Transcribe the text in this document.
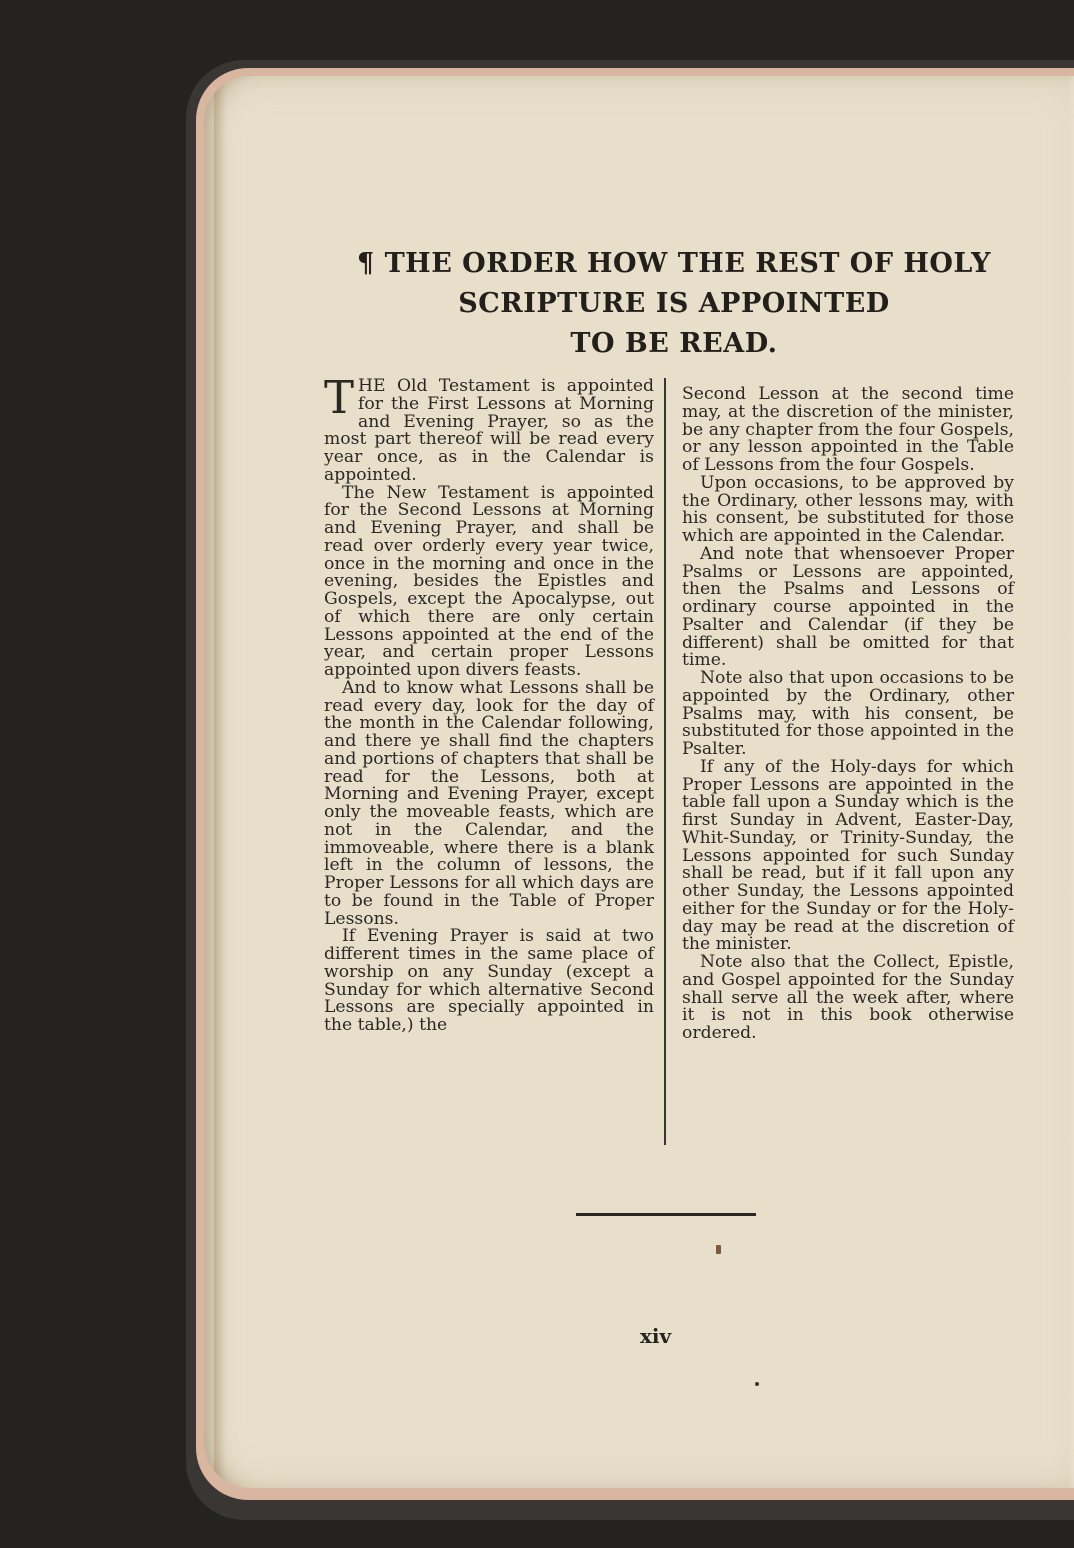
¶ THE ORDER HOW THE REST OF HOLY
SCRIPTURE IS APPOINTED
TO BE READ.

THE Old Testament is appointed for the First Lessons at Morning and Evening Prayer, so as the most part thereof will be read every year once, as in the Calendar is appointed.

The New Testament is appointed for the Second Lessons at Morning and Evening Prayer, and shall be read over orderly every year twice, once in the morning and once in the evening, besides the Epistles and Gospels, except the Apocalypse, out of which there are only certain Lessons appointed at the end of the year, and certain proper Lessons appointed upon divers feasts.

And to know what Lessons shall be read every day, look for the day of the month in the Calendar following, and there ye shall find the chapters and portions of chapters that shall be read for the Lessons, both at Morning and Evening Prayer, except only the moveable feasts, which are not in the Calendar, and the immoveable, where there is a blank left in the column of lessons, the Proper Lessons for all which days are to be found in the Table of Proper Lessons.

If Evening Prayer is said at two different times in the same place of worship on any Sunday (except a Sunday for which alternative Second Lessons are specially appointed in the table,) the

Second Lesson at the second time may, at the discretion of the minister, be any chapter from the four Gospels, or any lesson appointed in the Table of Lessons from the four Gospels.

Upon occasions, to be approved by the Ordinary, other lessons may, with his consent, be substituted for those which are appointed in the Calendar.

And note that whensoever Proper Psalms or Lessons are appointed, then the Psalms and Lessons of ordinary course appointed in the Psalter and Calendar (if they be different) shall be omitted for that time.

Note also that upon occasions to be appointed by the Ordinary, other Psalms may, with his consent, be substituted for those appointed in the Psalter.

If any of the Holy-days for which Proper Lessons are appointed in the table fall upon a Sunday which is the first Sunday in Advent, Easter-Day, Whit-Sunday, or Trinity-Sunday, the Lessons appointed for such Sunday shall be read, but if it fall upon any other Sunday, the Lessons appointed either for the Sunday or for the Holy-day may be read at the discretion of the minister.

Note also that the Collect, Epistle, and Gospel appointed for the Sunday shall serve all the week after, where it is not in this book otherwise ordered.

xiv
